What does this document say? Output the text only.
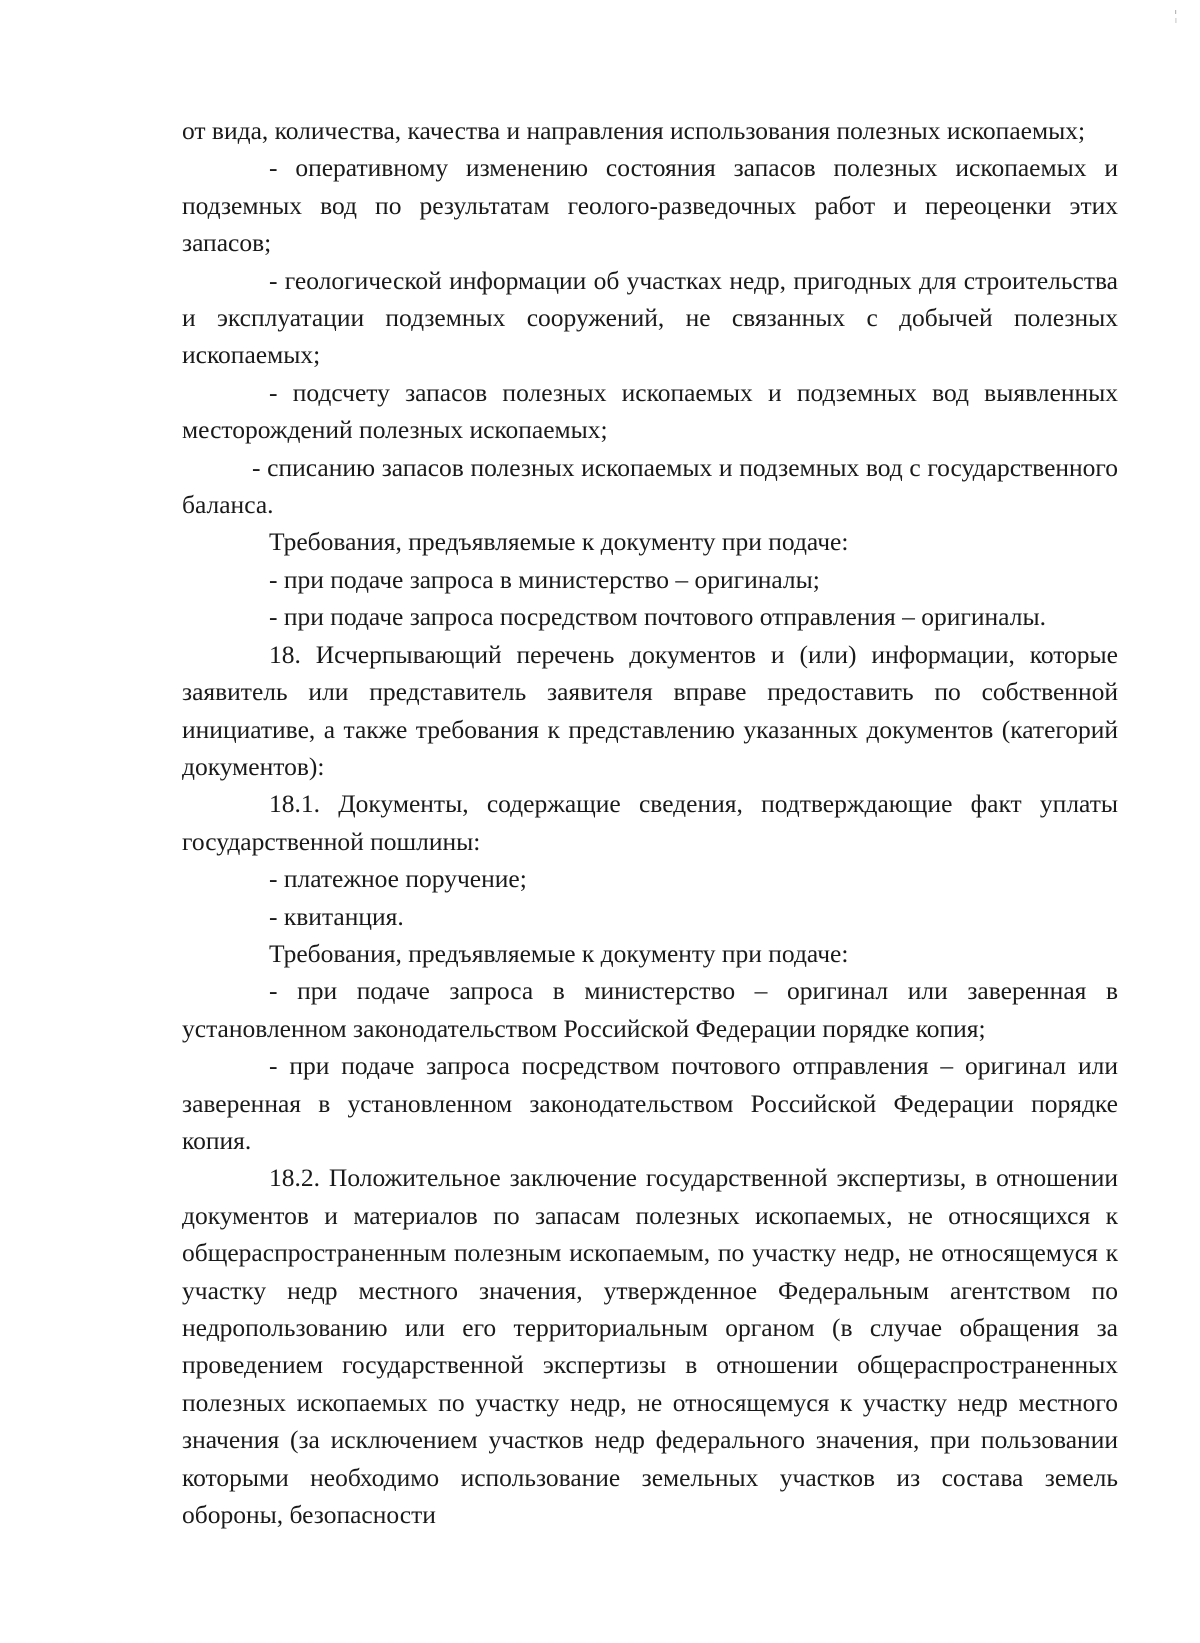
от вида, количества, качества и направления использования полезных ископаемых;

- оперативному изменению состояния запасов полезных ископаемых и подземных вод по результатам геолого-разведочных работ и переоценки этих запасов;

- геологической информации об участках недр, пригодных для строительства и эксплуатации подземных сооружений, не связанных с добычей полезных ископаемых;

- подсчету запасов полезных ископаемых и подземных вод выявленных месторождений полезных ископаемых;

- списанию запасов полезных ископаемых и подземных вод с государственного баланса.

Требования, предъявляемые к документу при подаче:

- при подаче запроса в министерство – оригиналы;

- при подаче запроса посредством почтового отправления – оригиналы.

18. Исчерпывающий перечень документов и (или) информации, которые заявитель или представитель заявителя вправе предоставить по собственной инициативе, а также требования к представлению указанных документов (категорий документов):

18.1. Документы, содержащие сведения, подтверждающие факт уплаты государственной пошлины:

- платежное поручение;

- квитанция.

Требования, предъявляемые к документу при подаче:

- при подаче запроса в министерство – оригинал или заверенная в установленном законодательством Российской Федерации порядке копия;

- при подаче запроса посредством почтового отправления – оригинал или заверенная в установленном законодательством Российской Федерации порядке копия.

18.2. Положительное заключение государственной экспертизы, в отношении документов и материалов по запасам полезных ископаемых, не относящихся к общераспространенным полезным ископаемым, по участку недр, не относящемуся к участку недр местного значения, утвержденное Федеральным агентством по недропользованию или его территориальным органом (в случае обращения за проведением государственной экспертизы в отношении общераспространенных полезных ископаемых по участку недр, не относящемуся к участку недр местного значения (за исключением участков недр федерального значения, при пользовании которыми необходимо использование земельных участков из состава земель обороны, безопасности
